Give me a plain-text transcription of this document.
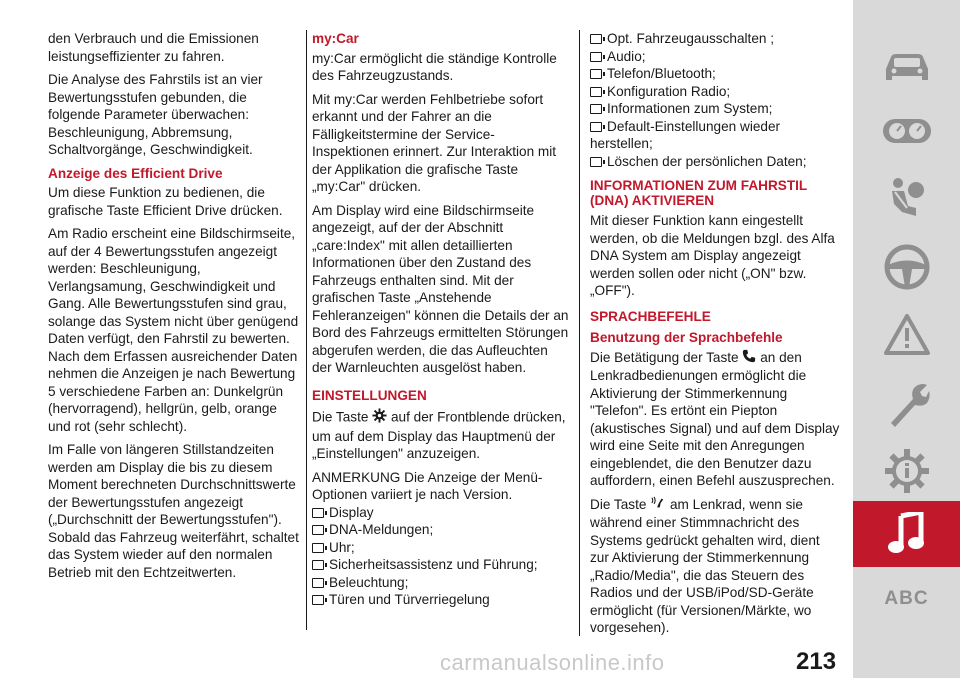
den Verbrauch und die Emissionen leistungseffizienter zu fahren.

Die Analyse des Fahrstils ist an vier Bewertungsstufen gebunden, die folgende Parameter überwachen: Beschleunigung, Abbremsung, Schaltvorgänge, Geschwindigkeit.

Anzeige des Efficient Drive

Um diese Funktion zu bedienen, die grafische Taste Efficient Drive drücken.

Am Radio erscheint eine Bildschirmseite, auf der 4 Bewertungsstufen angezeigt werden: Beschleunigung, Verlangsamung, Geschwindigkeit und Gang. Alle Bewertungsstufen sind grau, solange das System nicht über genügend Daten verfügt, den Fahrstil zu bewerten. Nach dem Erfassen ausreichender Daten nehmen die Anzeigen je nach Bewertung 5 verschiedene Farben an: Dunkelgrün (hervorragend), hellgrün, gelb, orange und rot (sehr schlecht).

Im Falle von längeren Stillstandzeiten werden am Display die bis zu diesem Moment berechneten Durchschnittswerte der Bewertungsstufen angezeigt („Durchschnitt der Bewertungsstufen"). Sobald das Fahrzeug weiterfährt, schaltet das System wieder auf den normalen Betrieb mit den Echtzeitwerten.

my:Car

my:Car ermöglicht die ständige Kontrolle des Fahrzeugzustands.

Mit my:Car werden Fehlbetriebe sofort erkannt und der Fahrer an die Fälligkeitstermine der Service-Inspektionen erinnert. Zur Interaktion mit der Applikation die grafische Taste „my:Car" drücken.

Am Display wird eine Bildschirmseite angezeigt, auf der der Abschnitt „care:Index" mit allen detaillierten Informationen über den Zustand des Fahrzeugs enthalten sind. Mit der grafischen Taste „Anstehende Fehleranzeigen" können die Details der an Bord des Fahrzeugs ermittelten Störungen abgerufen werden, die das Aufleuchten der Warnleuchten ausgelöst haben.

EINSTELLUNGEN

Die Taste auf der Frontblende drücken, um auf dem Display das Hauptmenü der „Einstellungen" anzuzeigen.

ANMERKUNG Die Anzeige der Menü-Optionen variiert je nach Version.

Display
DNA-Meldungen;
Uhr;
Sicherheitsassistenz und Führung;
Beleuchtung;
Türen und Türverriegelung
Opt. Fahrzeugausschalten ;
Audio;
Telefon/Bluetooth;
Konfiguration Radio;
Informationen zum System;
Default-Einstellungen wieder herstellen;
Löschen der persönlichen Daten;
INFORMATIONEN ZUM FAHRSTIL (DNA) AKTIVIEREN

Mit dieser Funktion kann eingestellt werden, ob die Meldungen bzgl. des Alfa DNA System am Display angezeigt werden sollen oder nicht („ON" bzw. „OFF").

SPRACHBEFEHLE
Benutzung der Sprachbefehle

Die Betätigung der Taste an den Lenkradbedienungen ermöglicht die Aktivierung der Stimmerkennung "Telefon". Es ertönt ein Piepton (akustisches Signal) und auf dem Display wird eine Seite mit den Anregungen eingeblendet, die den Benutzer dazu auffordern, einen Befehl auszusprechen.

Die Taste am Lenkrad, wenn sie während einer Stimmnachricht des Systems gedrückt gehalten wird, dient zur Aktivierung der Stimmerkennung „Radio/Media", die das Steuern des Radios und der USB/iPod/SD-Geräte ermöglicht (für Versionen/Märkte, wo vorgesehen).

carmanualsonline.info	213
ABC
